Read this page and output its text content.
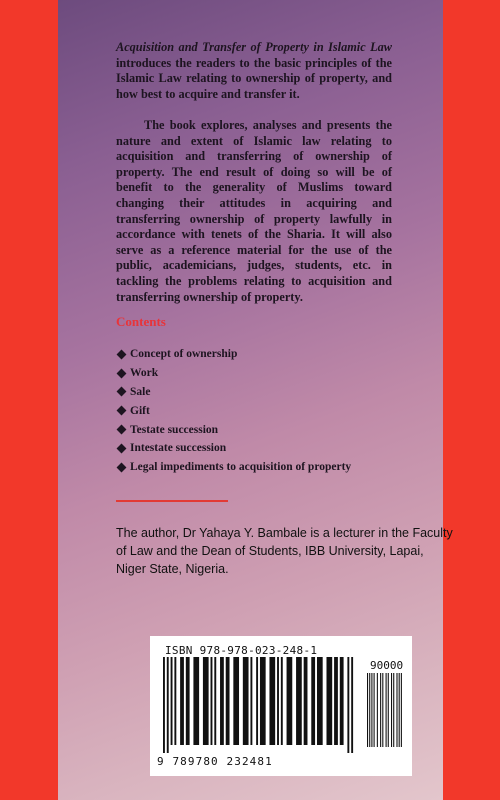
Acquisition and Transfer of Property in Islamic Law introduces the readers to the basic principles of the Islamic Law relating to ownership of property, and how best to acquire and transfer it.

The book explores, analyses and presents the nature and extent of Islamic law relating to acquisition and transferring of ownership of property. The end result of doing so will be of benefit to the generality of Muslims toward changing their attitudes in acquiring and transferring ownership of property lawfully in accordance with tenets of the Sharia. It will also serve as a reference material for the use of the public, academicians, judges, students, etc. in tackling the problems relating to acquisition and transferring ownership of property.

Contents
Concept of ownership
Work
Sale
Gift
Testate succession
Intestate succession
Legal impediments to acquisition of property

The author, Dr Yahaya Y. Bambale is a lecturer in the Faculty of Law and the Dean of Students, IBB University, Lapai, Niger State, Nigeria.

ISBN 978-978-023-248-1
90000
9 789780 232481
